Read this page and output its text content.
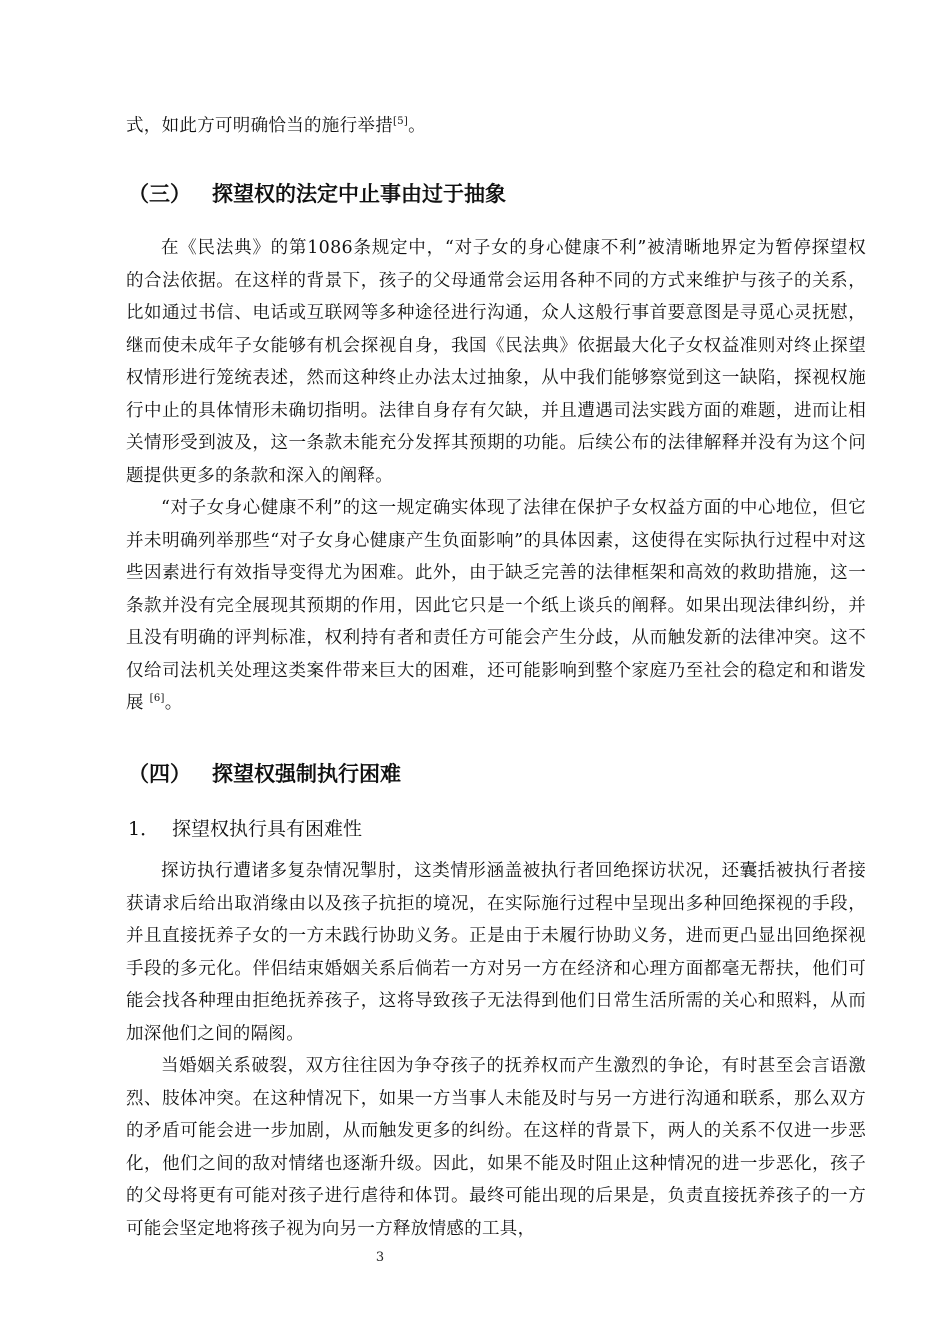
式，如此方可明确恰当的施行举措[5]。

（三） 探望权的法定中止事由过于抽象

在《民法典》的第1086条规定中，“对子女的身心健康不利”被清晰地界定为暂停探望权的合法依据。在这样的背景下，孩子的父母通常会运用各种不同的方式来维护与孩子的关系，比如通过书信、电话或互联网等多种途径进行沟通，众人这般行事首要意图是寻觅心灵抚慰，继而使未成年子女能够有机会探视自身，我国《民法典》依据最大化子女权益准则对终止探望权情形进行笼统表述，然而这种终止办法太过抽象，从中我们能够察觉到这一缺陷，探视权施行中止的具体情形未确切指明。法律自身存有欠缺，并且遭遇司法实践方面的难题，进而让相关情形受到波及，这一条款未能充分发挥其预期的功能。后续公布的法律解释并没有为这个问题提供更多的条款和深入的阐释。

“对子女身心健康不利”的这一规定确实体现了法律在保护子女权益方面的中心地位，但它并未明确列举那些“对子女身心健康产生负面影响”的具体因素，这使得在实际执行过程中对这些因素进行有效指导变得尤为困难。此外，由于缺乏完善的法律框架和高效的救助措施，这一条款并没有完全展现其预期的作用，因此它只是一个纸上谈兵的阐释。如果出现法律纠纷，并且没有明确的评判标准，权利持有者和责任方可能会产生分歧，从而触发新的法律冲突。这不仅给司法机关处理这类案件带来巨大的困难，还可能影响到整个家庭乃至社会的稳定和和谐发展 [6]。

（四） 探望权强制执行困难
1． 探望权执行具有困难性

探访执行遭诸多复杂情况掣肘，这类情形涵盖被执行者回绝探访状况，还囊括被执行者接获请求后给出取消缘由以及孩子抗拒的境况，在实际施行过程中呈现出多种回绝探视的手段，并且直接抚养子女的一方未践行协助义务。正是由于未履行协助义务，进而更凸显出回绝探视手段的多元化。伴侣结束婚姻关系后倘若一方对另一方在经济和心理方面都毫无帮扶，他们可能会找各种理由拒绝抚养孩子，这将导致孩子无法得到他们日常生活所需的关心和照料，从而加深他们之间的隔阂。

当婚姻关系破裂，双方往往因为争夺孩子的抚养权而产生激烈的争论，有时甚至会言语激烈、肢体冲突。在这种情况下，如果一方当事人未能及时与另一方进行沟通和联系，那么双方的矛盾可能会进一步加剧，从而触发更多的纠纷。在这样的背景下，两人的关系不仅进一步恶化，他们之间的敌对情绪也逐渐升级。因此，如果不能及时阻止这种情况的进一步恶化，孩子的父母将更有可能对孩子进行虐待和体罚。最终可能出现的后果是，负责直接抚养孩子的一方可能会坚定地将孩子视为向另一方释放情感的工具，

3
